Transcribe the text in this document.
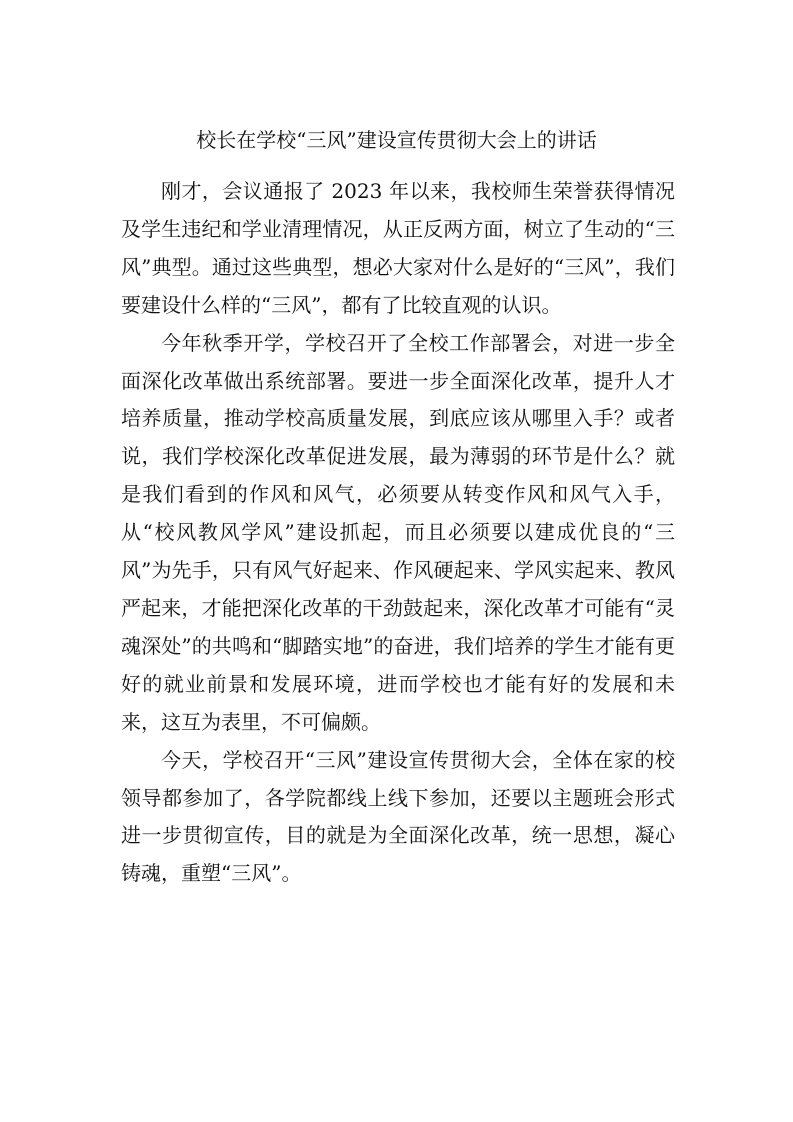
校长在学校“三风”建设宣传贯彻大会上的讲话

刚才，会议通报了 2023 年以来，我校师生荣誉获得情况及学生违纪和学业清理情况，从正反两方面，树立了生动的“三风”典型。通过这些典型，想必大家对什么是好的“三风”，我们要建设什么样的“三风”，都有了比较直观的认识。

今年秋季开学，学校召开了全校工作部署会，对进一步全面深化改革做出系统部署。要进一步全面深化改革，提升人才培养质量，推动学校高质量发展，到底应该从哪里入手？或者说，我们学校深化改革促进发展，最为薄弱的环节是什么？就是我们看到的作风和风气，必须要从转变作风和风气入手，从“校风教风学风”建设抓起，而且必须要以建成优良的“三风”为先手，只有风气好起来、作风硬起来、学风实起来、教风严起来，才能把深化改革的干劲鼓起来，深化改革才可能有“灵魂深处”的共鸣和“脚踏实地”的奋进，我们培养的学生才能有更好的就业前景和发展环境，进而学校也才能有好的发展和未来，这互为表里，不可偏颇。

今天，学校召开“三风”建设宣传贯彻大会，全体在家的校领导都参加了，各学院都线上线下参加，还要以主题班会形式进一步贯彻宣传，目的就是为全面深化改革，统一思想，凝心铸魂，重塑“三风”。
